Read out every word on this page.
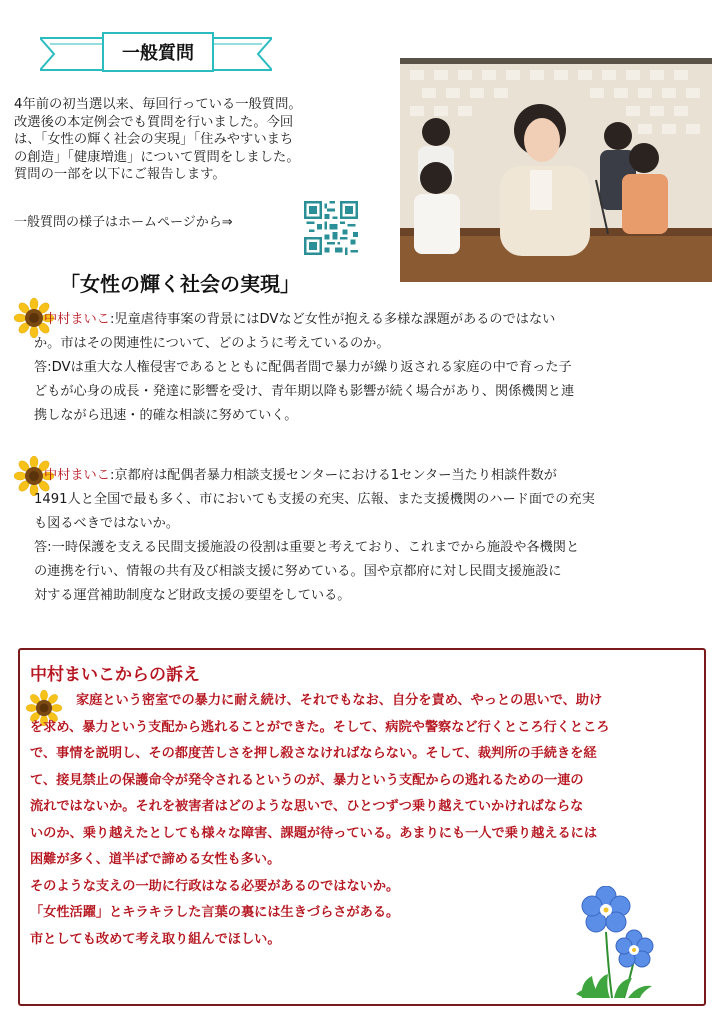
一般質問

4年前の初当選以来、毎回行っている一般質問。

改選後の本定例会でも質問を行いました。今回

は、「女性の輝く社会の実現」「住みやすいまち

の創造」「健康増進」について質問をしました。

質問の一部を以下にご報告します。

一般質問の様子はホームページから⇒
「女性の輝く社会の実現」

中村まいこ:児童虐待事案の背景にはDVなど女性が抱える多様な課題があるのではない

か。市はその関連性について、どのように考えているのか。

答:DVは重大な人権侵害であるとともに配偶者間で暴力が繰り返される家庭の中で育った子

どもが心身の成長・発達に影響を受け、青年期以降も影響が続く場合があり、関係機関と連

携しながら迅速・的確な相談に努めていく。

中村まいこ:京都府は配偶者暴力相談支援センターにおける1センター当たり相談件数が

1491人と全国で最も多く、市においても支援の充実、広報、また支援機関のハード面での充実

も図るべきではないか。

答:一時保護を支える民間支援施設の役割は重要と考えており、これまでから施設や各機関と

の連携を行い、情報の共有及び相談支援に努めている。国や京都府に対し民間支援施設に

対する運営補助制度など財政支援の要望をしている。

中村まいこからの訴え

家庭という密室での暴力に耐え続け、それでもなお、自分を責め、やっとの思いで、助け

を求め、暴力という支配から逃れることができた。そして、病院や警察など行くところ行くところ

で、事情を説明し、その都度苦しさを押し殺さなければならない。そして、裁判所の手続きを経

て、接見禁止の保護命令が発令されるというのが、暴力という支配からの逃れるための一連の

流れではないか。それを被害者はどのような思いで、ひとつずつ乗り越えていかければならな

いのか、乗り越えたとしても様々な障害、課題が待っている。あまりにも一人で乗り越えるには

困難が多く、道半ばで諦める女性も多い。

そのような支えの一助に行政はなる必要があるのではないか。

「女性活躍」とキラキラした言葉の裏には生きづらさがある。

市としても改めて考え取り組んでほしい。
